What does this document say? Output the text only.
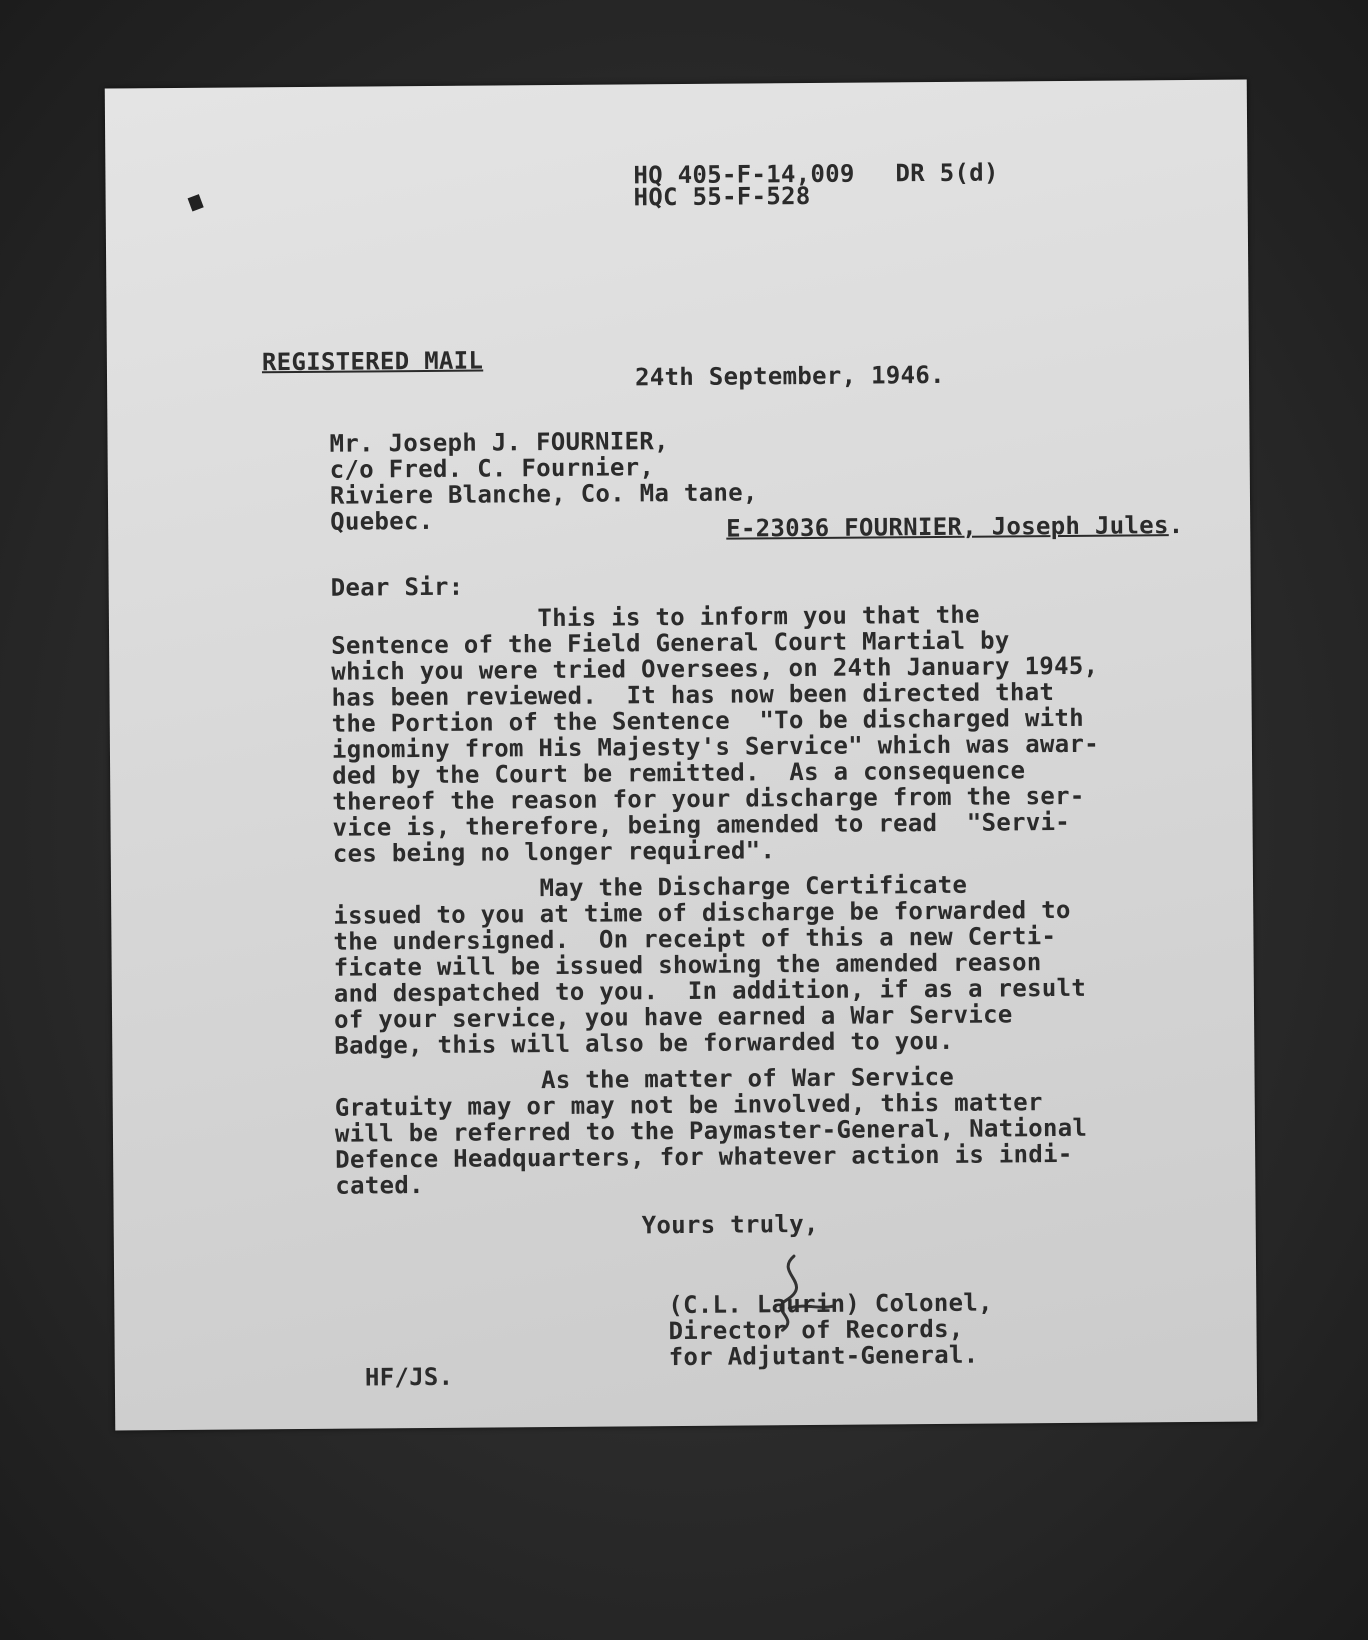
HQ 405-F-14,009
HQC 55-F-528
DR 5(d)
REGISTERED MAIL	24th September, 1946.
Mr. Joseph J. FOURNIER,
c/o Fred. C. Fournier,
Riviere Blanche, Co. Ma tane,
Quebec.	E-23036 FOURNIER, Joseph Jules.
Dear Sir:
This is to inform you that the
Sentence of the Field General Court Martial by
which you were tried Oversees, on 24th January 1945,
has been reviewed.  It has now been directed that
the Portion of the Sentence  "To be discharged with
ignominy from His Majesty's Service" which was awar-
ded by the Court be remitted.  As a consequence
thereof the reason for your discharge from the ser-
vice is, therefore, being amended to read  "Servi-
ces being no longer required".
May the Discharge Certificate
issued to you at time of discharge be forwarded to
the undersigned.  On receipt of this a new Certi-
ficate will be issued showing the amended reason
and despatched to you.  In addition, if as a result
of your service, you have earned a War Service
Badge, this will also be forwarded to you.
As the matter of War Service
Gratuity may or may not be involved, this matter
will be referred to the Paymaster-General, National
Defence Headquarters, for whatever action is indi-
cated.
Yours truly,
(C.L. Laurin) Colonel,
Director of Records,
for Adjutant-General.
HF/JS.
